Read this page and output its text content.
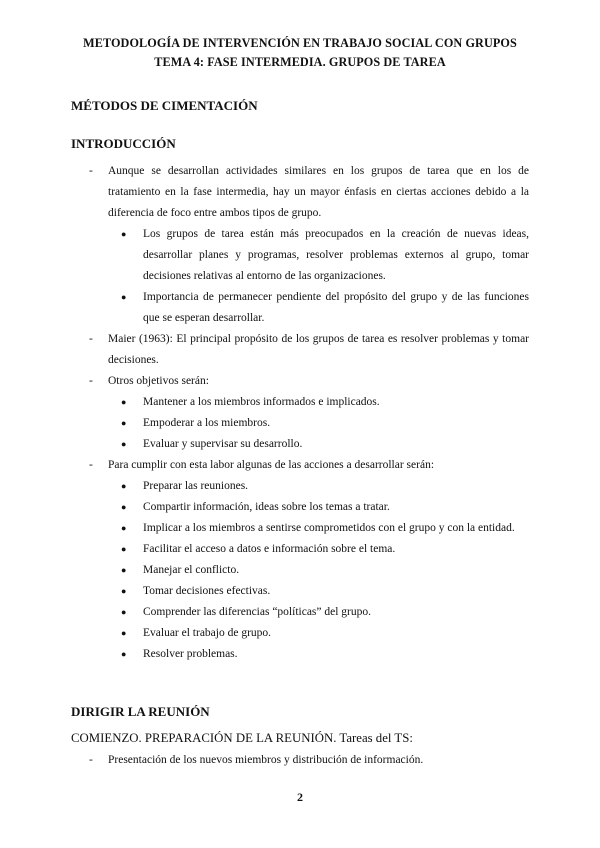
METODOLOGÍA DE INTERVENCIÓN EN TRABAJO SOCIAL CON GRUPOS
TEMA 4: FASE INTERMEDIA. GRUPOS DE TAREA
MÉTODOS DE CIMENTACIÓN
INTRODUCCIÓN
- Aunque se desarrollan actividades similares en los grupos de tarea que en los de tratamiento en la fase intermedia, hay un mayor énfasis en ciertas acciones debido a la diferencia de foco entre ambos tipos de grupo.
● Los grupos de tarea están más preocupados en la creación de nuevas ideas, desarrollar planes y programas, resolver problemas externos al grupo, tomar decisiones relativas al entorno de las organizaciones.
● Importancia de permanecer pendiente del propósito del grupo y de las funciones que se esperan desarrollar.
- Maier (1963): El principal propósito de los grupos de tarea es resolver problemas y tomar decisiones.
- Otros objetivos serán:
● Mantener a los miembros informados e implicados.
● Empoderar a los miembros.
● Evaluar y supervisar su desarrollo.
- Para cumplir con esta labor algunas de las acciones a desarrollar serán:
● Preparar las reuniones.
● Compartir información, ideas sobre los temas a tratar.
● Implicar a los miembros a sentirse comprometidos con el grupo y con la entidad.
● Facilitar el acceso a datos e información sobre el tema.
● Manejar el conflicto.
● Tomar decisiones efectivas.
● Comprender las diferencias “políticas” del grupo.
● Evaluar el trabajo de grupo.
● Resolver problemas.
DIRIGIR LA REUNIÓN
COMIENZO. PREPARACIÓN DE LA REUNIÓN. Tareas del TS:
- Presentación de los nuevos miembros y distribución de información.
2
